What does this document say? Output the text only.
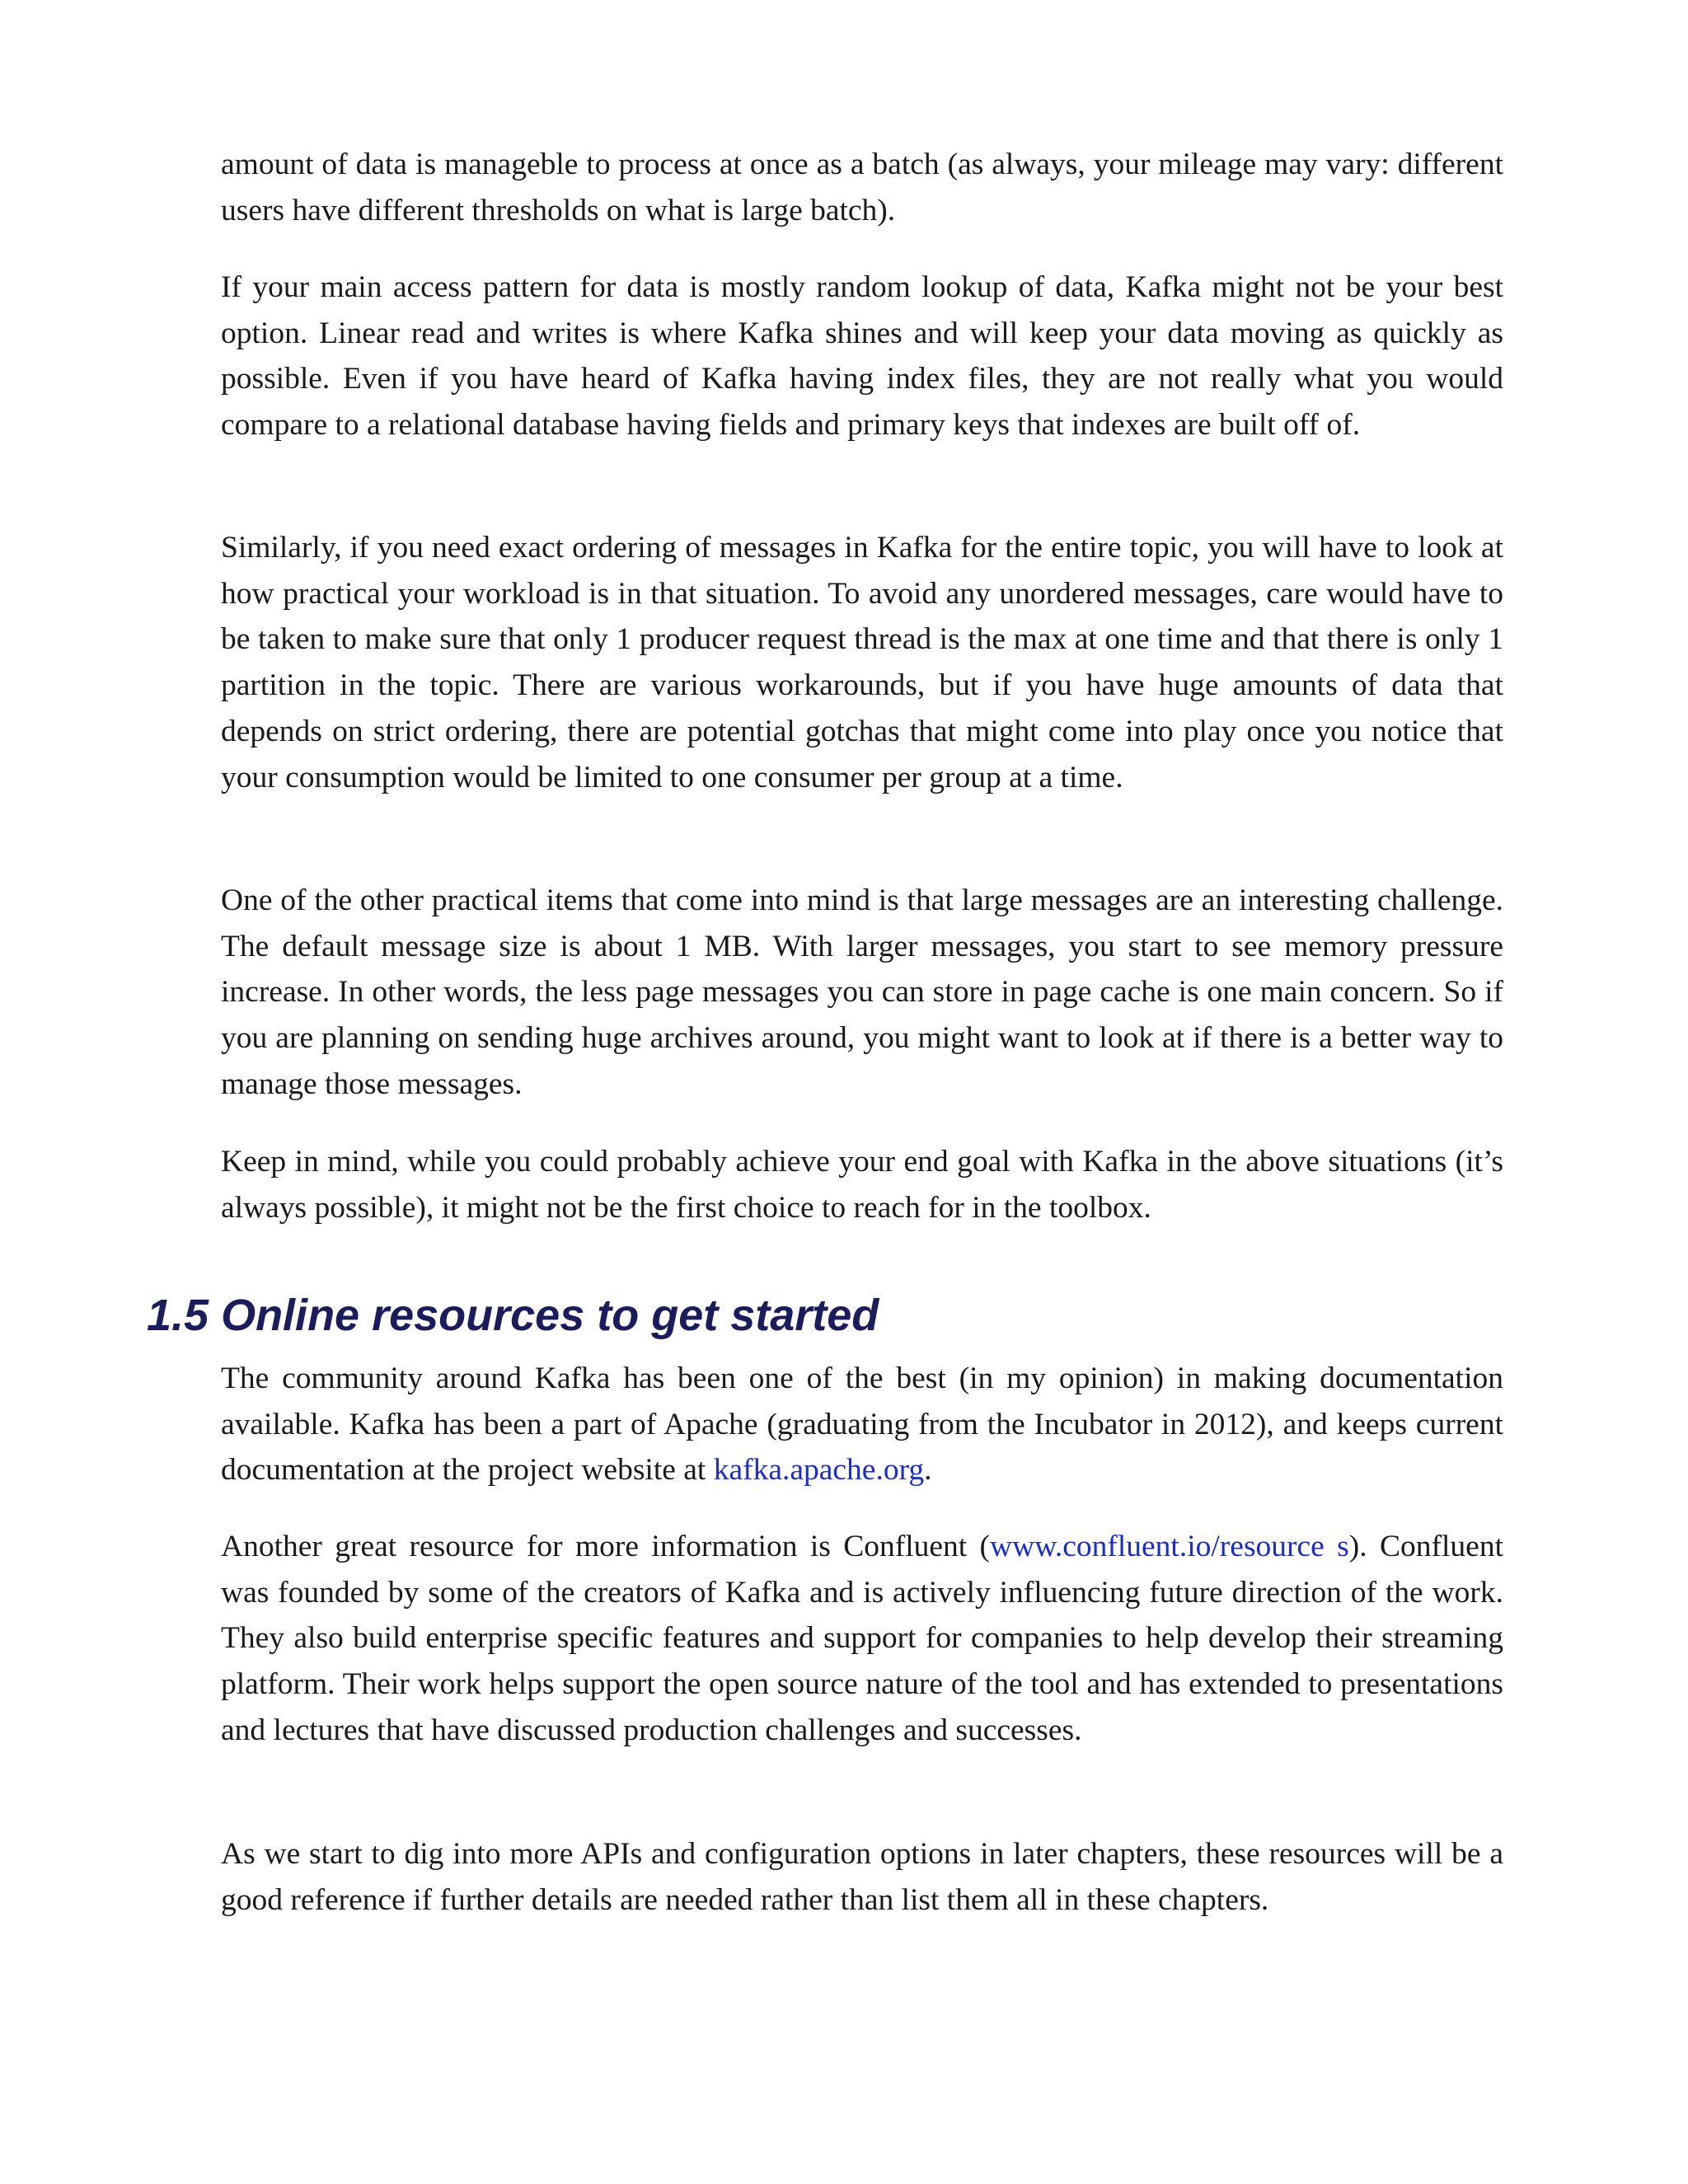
amount of data is manageble to process at once as a batch (as always, your mileage may vary: different users have different thresholds on what is large batch).

If your main access pattern for data is mostly random lookup of data, Kafka might not be your best option. Linear read and writes is where Kafka shines and will keep your data moving as quickly as possible. Even if you have heard of Kafka having index files, they are not really what you would compare to a relational database having fields and primary keys that indexes are built off of.

Similarly, if you need exact ordering of messages in Kafka for the entire topic, you will have to look at how practical your workload is in that situation. To avoid any unordered messages, care would have to be taken to make sure that only 1 producer request thread is the max at one time and that there is only 1 partition in the topic. There are various workarounds, but if you have huge amounts of data that depends on strict ordering, there are potential gotchas that might come into play once you notice that your consumption would be limited to one consumer per group at a time.

One of the other practical items that come into mind is that large messages are an interesting challenge. The default message size is about 1 MB. With larger messages, you start to see memory pressure increase. In other words, the less page messages you can store in page cache is one main concern. So if you are planning on sending huge archives around, you might want to look at if there is a better way to manage those messages.

Keep in mind, while you could probably achieve your end goal with Kafka in the above situations (it’s always possible), it might not be the first choice to reach for in the toolbox.

1.5 Online resources to get started

The community around Kafka has been one of the best (in my opinion) in making documentation available. Kafka has been a part of Apache (graduating from the Incubator in 2012), and keeps current documentation at the project website at kafka.apache.org.

Another great resource for more information is Confluent (www.confluent.io/resource s). Confluent was founded by some of the creators of Kafka and is actively influencing future direction of the work. They also build enterprise specific features and support for companies to help develop their streaming platform. Their work helps support the open source nature of the tool and has extended to presentations and lectures that have discussed production challenges and successes.

As we start to dig into more APIs and configuration options in later chapters, these resources will be a good reference if further details are needed rather than list them all in these chapters.
